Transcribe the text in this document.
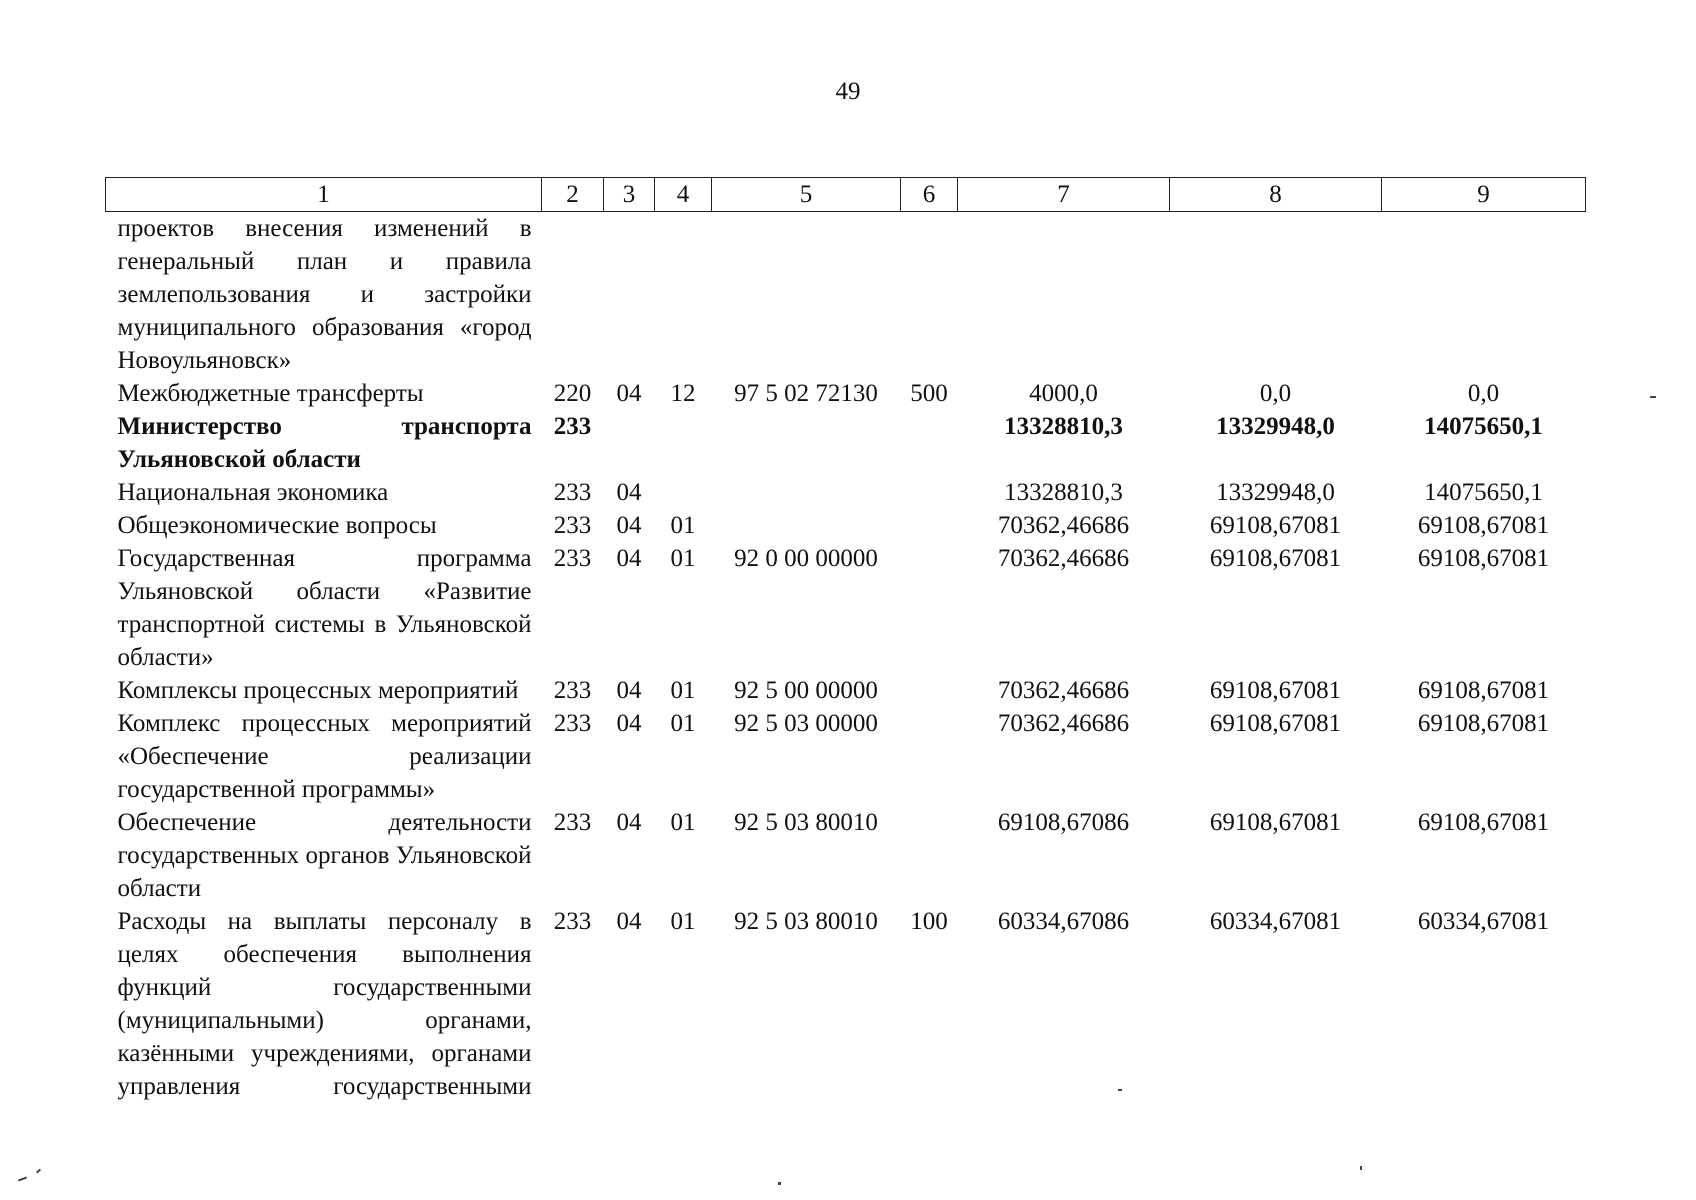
49
1	2	3	4	5	6	7	8	9
проектов внесения изменений в генеральный план и правила землепользования и застройки муниципального образования «город Новоульяновск»								
Межбюджетные трансферты	220	04	12	97 5 02 72130	500	4000,0	0,0	0,0
Министерство транспорта Ульяновской области	233					13328810,3	13329948,0	14075650,1
Национальная экономика	233	04				13328810,3	13329948,0	14075650,1
Общеэкономические вопросы	233	04	01			70362,46686	69108,67081	69108,67081
Государственная программа Ульяновской области «Развитие транспортной системы в Ульяновской области»	233	04	01	92 0 00 00000		70362,46686	69108,67081	69108,67081
Комплексы процессных мероприятий	233	04	01	92 5 00 00000		70362,46686	69108,67081	69108,67081
Комплекс процессных мероприятий «Обеспечение реализации государственной программы»	233	04	01	92 5 03 00000		70362,46686	69108,67081	69108,67081
Обеспечение деятельности государственных органов Ульяновской области	233	04	01	92 5 03 80010		69108,67086	69108,67081	69108,67081
Расходы на выплаты персоналу в целях обеспечения выполнения функций государственными (муниципальными) органами, казёнными учреждениями, органами управления государственными	233	04	01	92 5 03 80010	100	60334,67086	60334,67081	60334,67081
